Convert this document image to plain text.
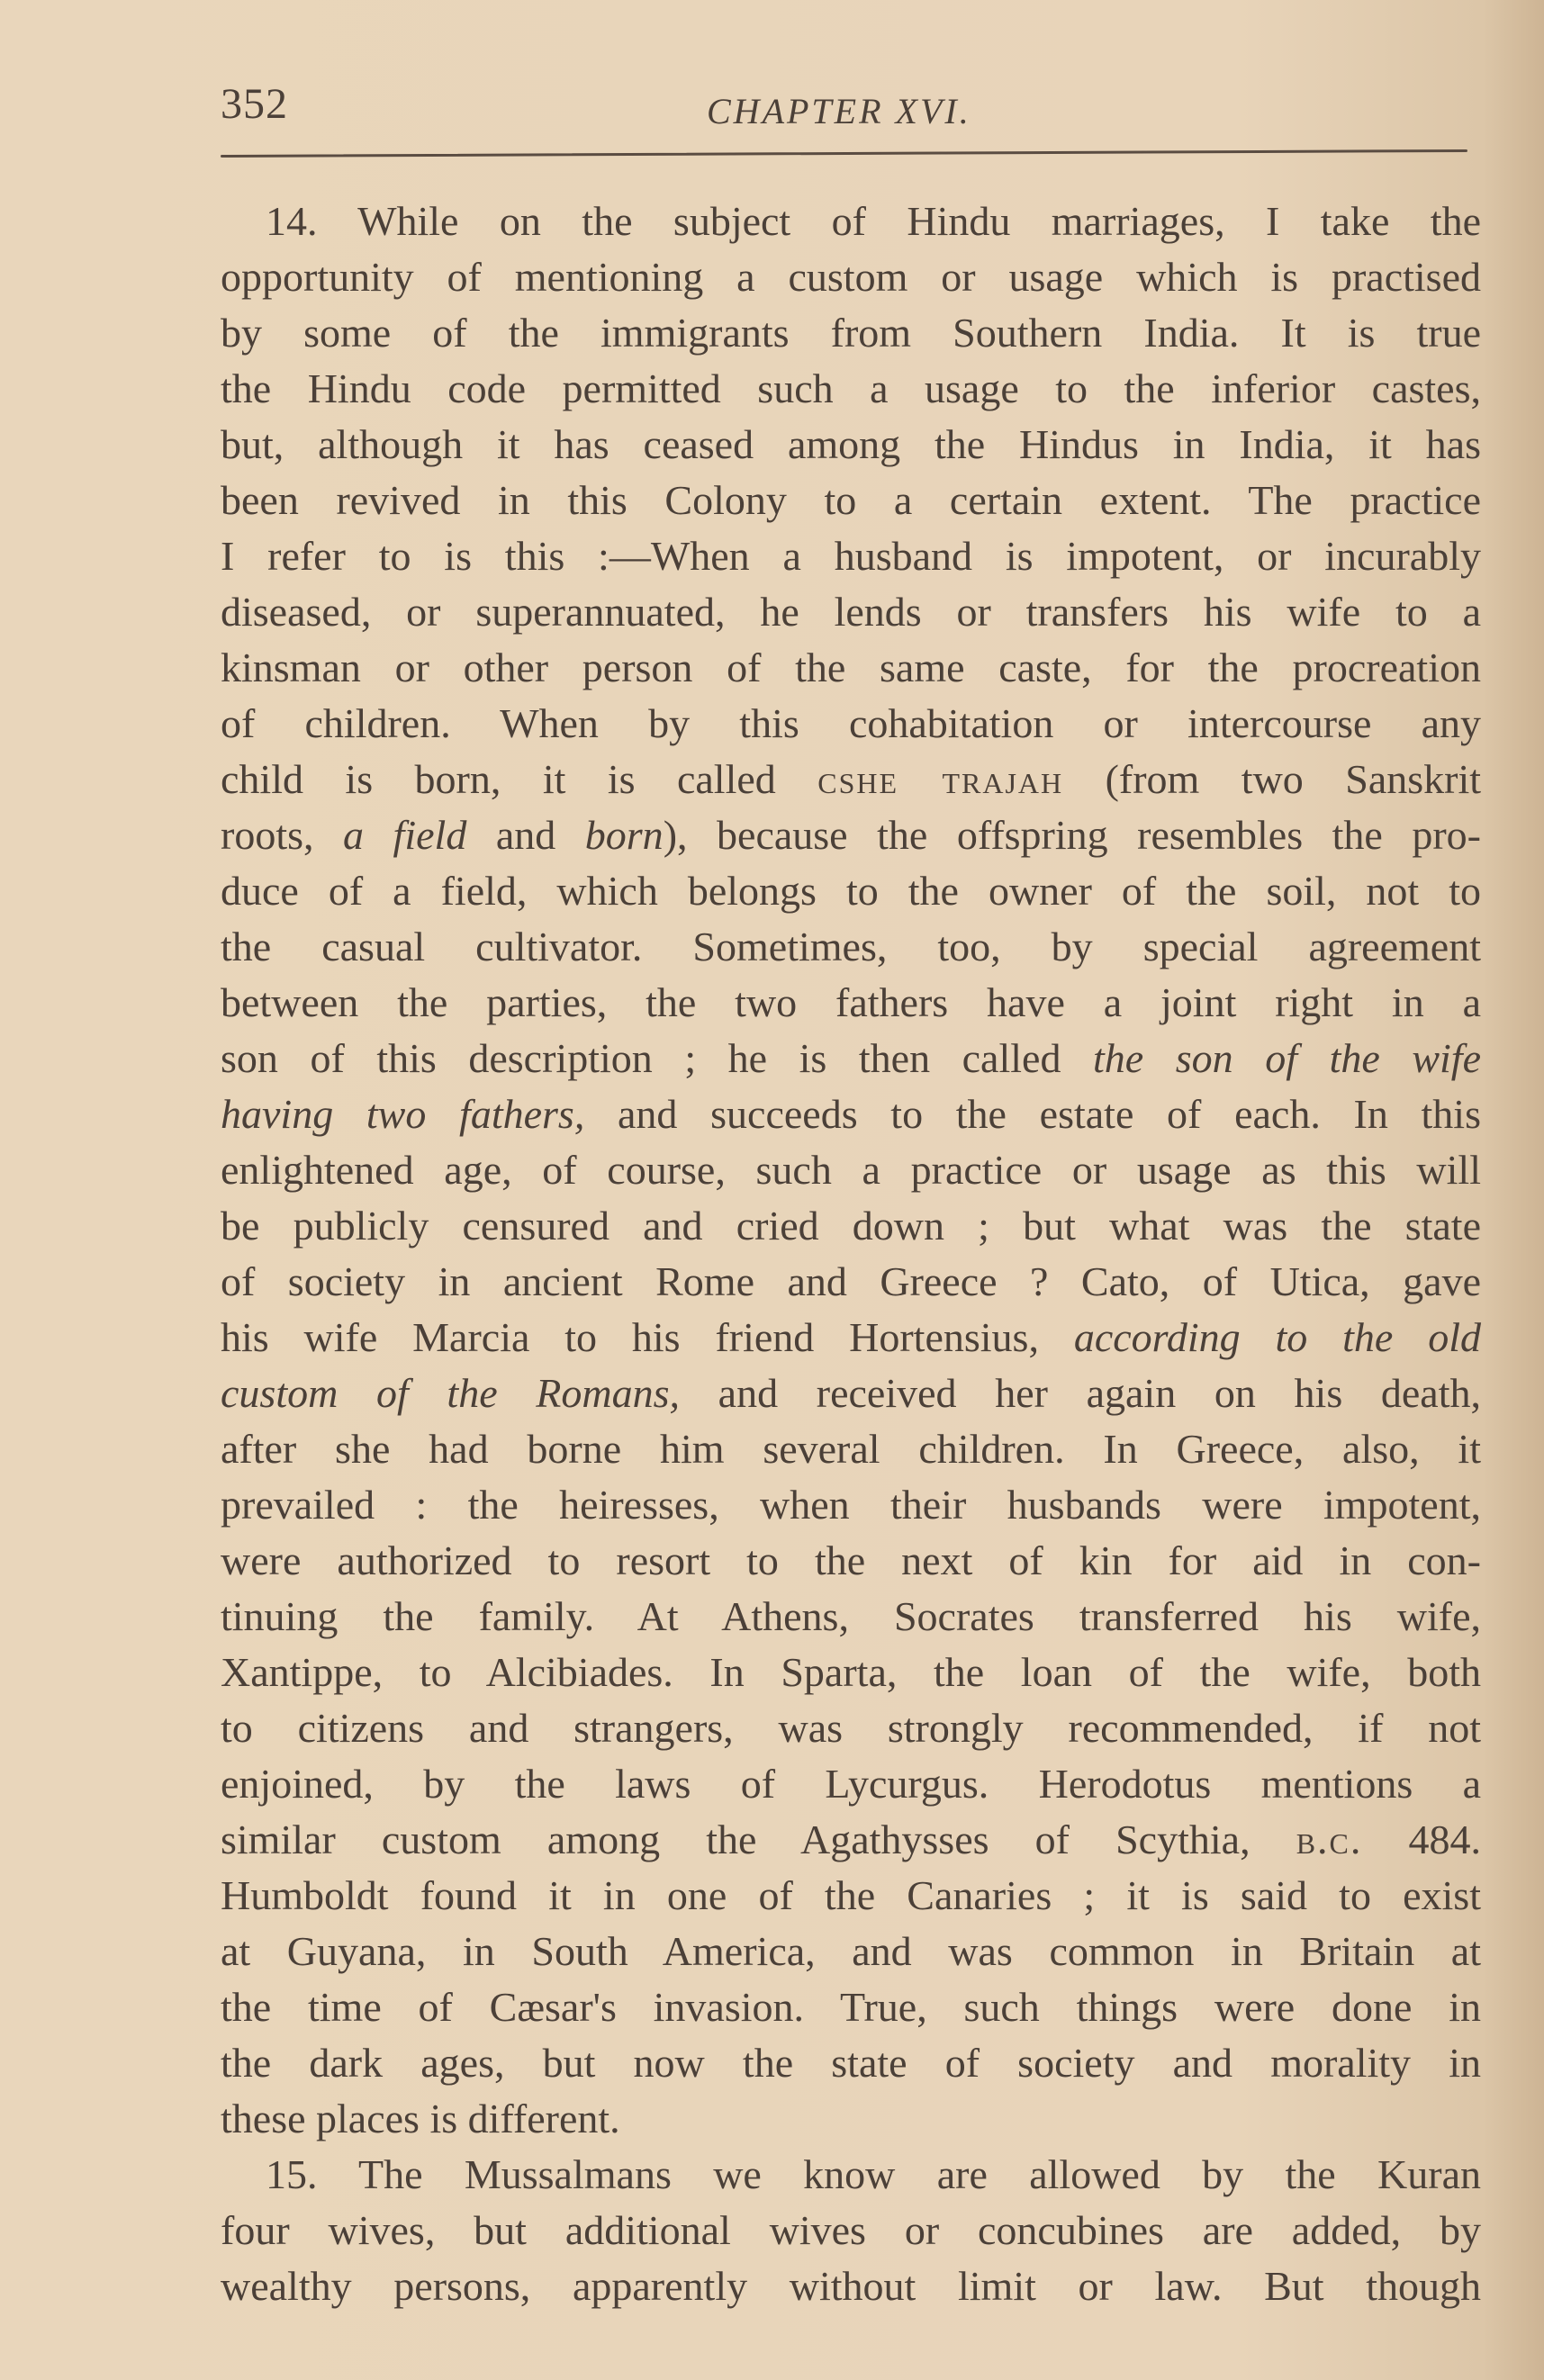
352	CHAPTER XVI.
14. While on the subject of Hindu marriages, I take the
opportunity of mentioning a custom or usage which is practised
by some of the immigrants from Southern India. It is true
the Hindu code permitted such a usage to the inferior castes,
but, although it has ceased among the Hindus in India, it has
been revived in this Colony to a certain extent. The practice
I refer to is this :—When a husband is impotent, or incurably
diseased, or superannuated, he lends or transfers his wife to a
kinsman or other person of the same caste, for the procreation
of children. When by this cohabitation or intercourse any
child is born, it is called cshe trajah (from two Sanskrit
roots, a field and born), because the offspring resembles the pro-
duce of a field, which belongs to the owner of the soil, not to
the casual cultivator. Sometimes, too, by special agreement
between the parties, the two fathers have a joint right in a
son of this description ; he is then called the son of the wife
having two fathers, and succeeds to the estate of each. In this
enlightened age, of course, such a practice or usage as this will
be publicly censured and cried down ; but what was the state
of society in ancient Rome and Greece ? Cato, of Utica, gave
his wife Marcia to his friend Hortensius, according to the old
custom of the Romans, and received her again on his death,
after she had borne him several children. In Greece, also, it
prevailed : the heiresses, when their husbands were impotent,
were authorized to resort to the next of kin for aid in con-
tinuing the family. At Athens, Socrates transferred his wife,
Xantippe, to Alcibiades. In Sparta, the loan of the wife, both
to citizens and strangers, was strongly recommended, if not
enjoined, by the laws of Lycurgus. Herodotus mentions a
similar custom among the Agathysses of Scythia, b.c. 484.
Humboldt found it in one of the Canaries ; it is said to exist
at Guyana, in South America, and was common in Britain at
the time of Cæsar's invasion. True, such things were done in
the dark ages, but now the state of society and morality in
these places is different.
15. The Mussalmans we know are allowed by the Kuran
four wives, but additional wives or concubines are added, by
wealthy persons, apparently without limit or law. But though
